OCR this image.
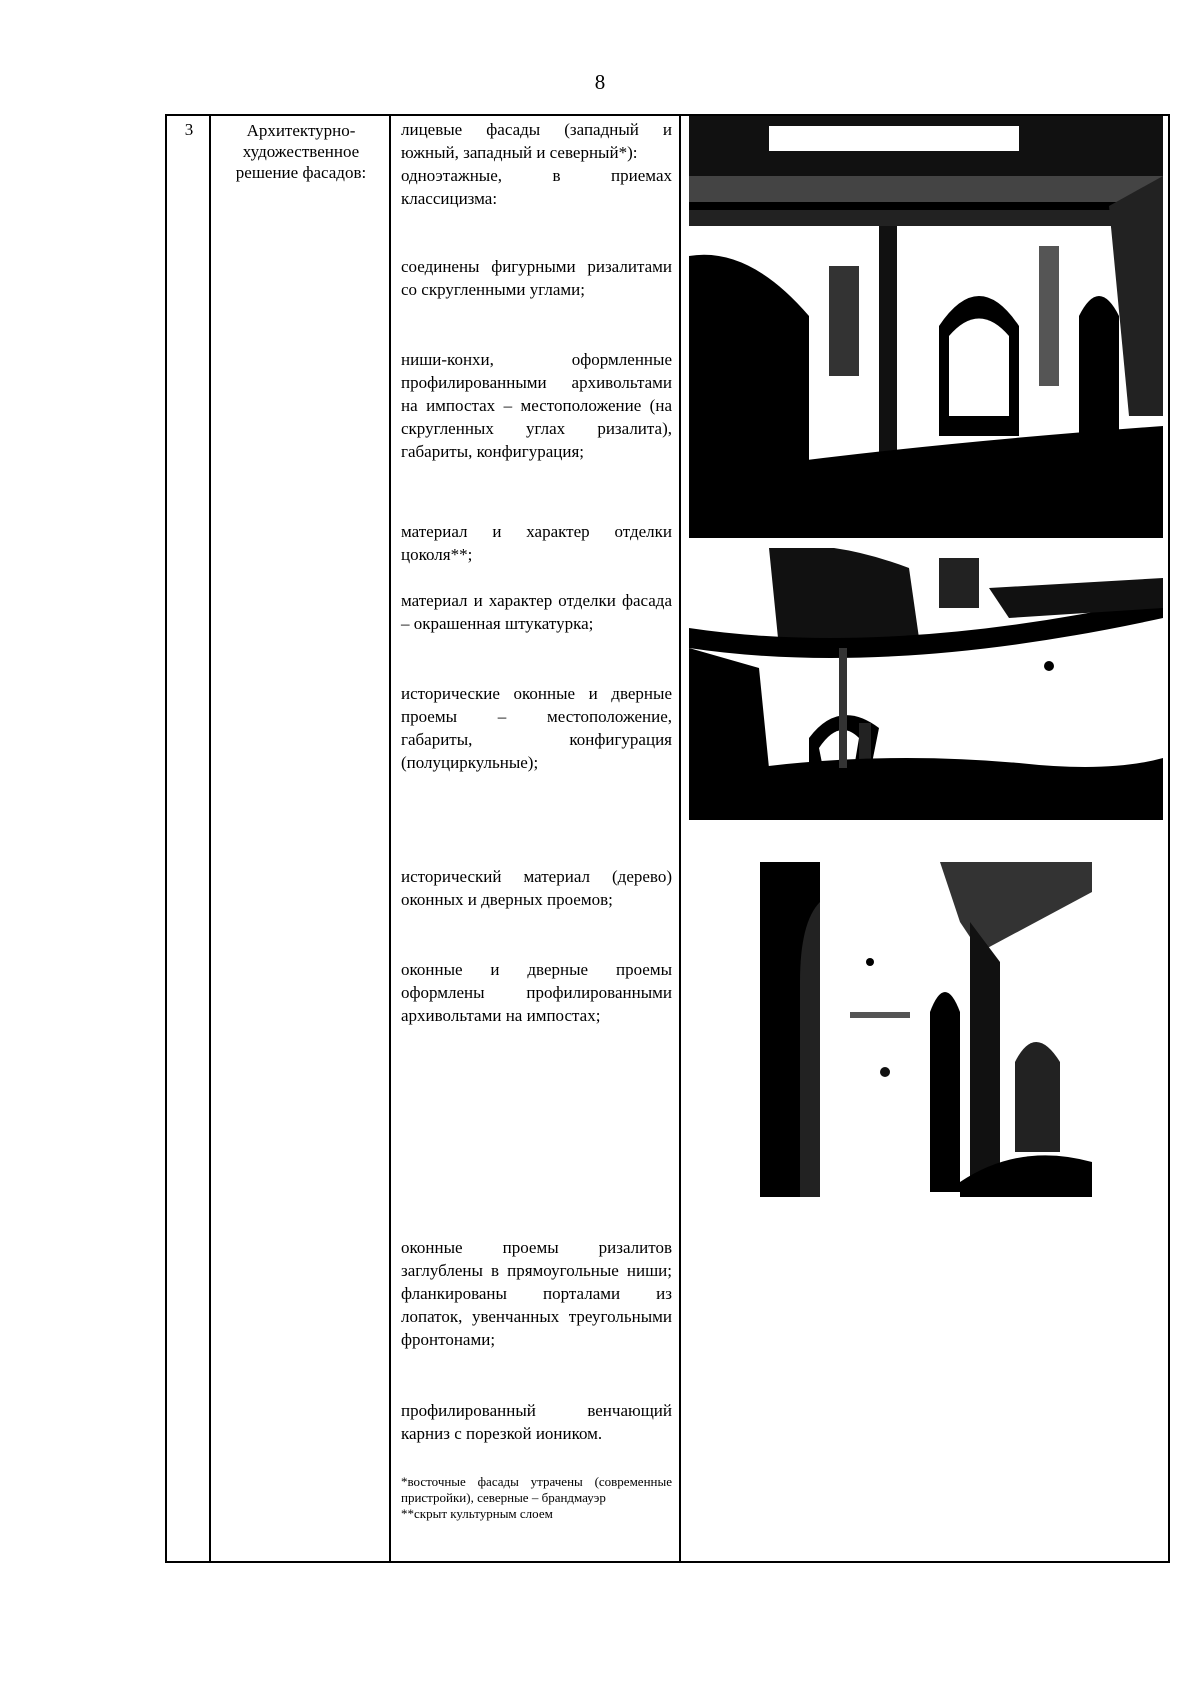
8
3	Архитектурно-художественное решение фасадов:

лицевые фасады (западный и южный, западный и северный*):

одноэтажные, в приемах классицизма:

соединены фигурными ризалитами со скругленными углами;

ниши-конхи, оформленные профилированными архивольтами на импостах – местоположение (на скругленных углах ризалита), габариты, конфигурация;

материал и характер отделки цоколя**;

материал и характер отделки фасада – окрашенная штукатурка;

исторические оконные и дверные проемы – местоположение, габариты, конфигурация (полуциркульные);

исторический материал (дерево) оконных и дверных проемов;

оконные и дверные проемы оформлены профилированными архивольтами на импостах;

оконные проемы ризалитов заглублены в прямоугольные ниши; фланкированы порталами из лопаток, увенчанных треугольными фронтонами;

профилированный венчающий карниз с порезкой иоником.

*восточные фасады утрачены (современные пристройки), северные – брандмауэр

**скрыт культурным слоем
